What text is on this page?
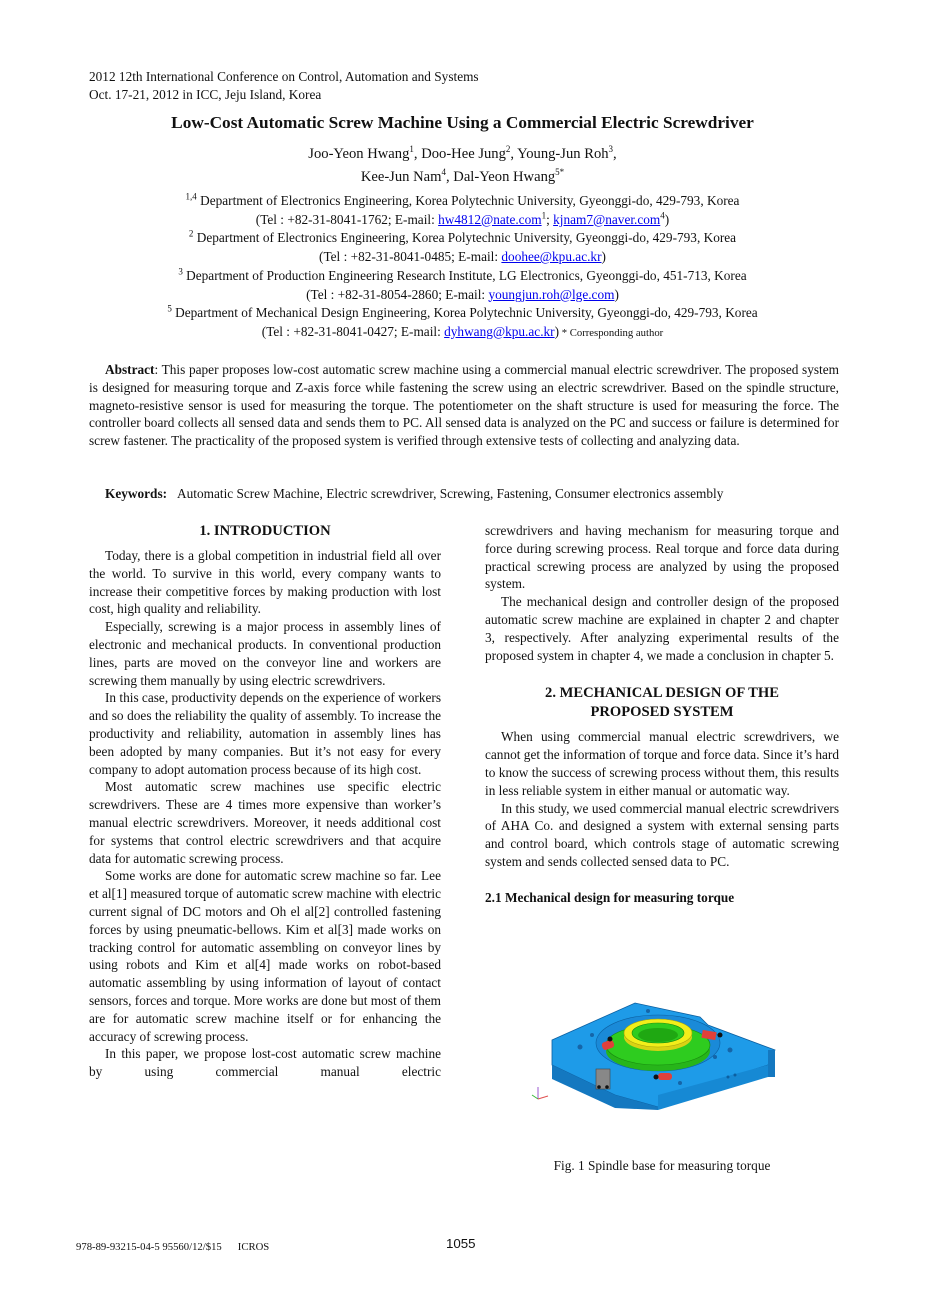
2012 12th International Conference on Control, Automation and Systems
Oct. 17-21, 2012 in ICC, Jeju Island, Korea
Low-Cost Automatic Screw Machine Using a Commercial Electric Screwdriver
Joo-Yeon Hwang$^1$, Doo-Hee Jung$^2$, Young-Jun Roh$^3$,
Kee-Jun Nam$^4$, Dal-Yeon Hwang$^{5*}$
$^{1,4}$ Department of Electronics Engineering, Korea Polytechnic University, Gyeonggi-do, 429-793, Korea
(Tel : +82-31-8041-1762; E-mail: hw4812@nate.com$^1$; kjnam7@naver.com$^4$)
$^2$ Department of Electronics Engineering, Korea Polytechnic University, Gyeonggi-do, 429-793, Korea
(Tel : +82-31-8041-0485; E-mail: doohee@kpu.ac.kr)
$^3$ Department of Production Engineering Research Institute, LG Electronics, Gyeonggi-do, 451-713, Korea
(Tel : +82-31-8054-2860; E-mail: youngjun.roh@lge.com)
$^5$ Department of Mechanical Design Engineering, Korea Polytechnic University, Gyeonggi-do, 429-793, Korea
(Tel : +82-31-8041-0427; E-mail: dyhwang@kpu.ac.kr) * Corresponding author
Abstract: This paper proposes low-cost automatic screw machine using a commercial manual electric screwdriver. The proposed system is designed for measuring torque and Z-axis force while fastening the screw using an electric screwdriver. Based on the spindle structure, magneto-resistive sensor is used for measuring the torque. The potentiometer on the shaft structure is used for measuring the force. The controller board collects all sensed data and sends them to PC. All sensed data is analyzed on the PC and success or failure is determined for screw fastener. The practicality of the proposed system is verified through extensive tests of collecting and analyzing data.
Keywords: Automatic Screw Machine, Electric screwdriver, Screwing, Fastening, Consumer electronics assembly
1. INTRODUCTION

Today, there is a global competition in industrial field all over the world. To survive in this world, every company wants to increase their competitive forces by making production with lost cost, high quality and reliability.

Especially, screwing is a major process in assembly lines of electronic and mechanical products. In conventional production lines, parts are moved on the conveyor line and workers are screwing them manually by using electric screwdrivers.

In this case, productivity depends on the experience of workers and so does the reliability the quality of assembly. To increase the productivity and reliability, automation in assembly lines has been adopted by many companies. But it’s not easy for every company to adopt automation process because of its high cost.

Most automatic screw machines use specific electric screwdrivers. These are 4 times more expensive than worker’s manual electric screwdrivers. Moreover, it needs additional cost for systems that control electric screwdrivers and that acquire data for automatic screwing process.

Some works are done for automatic screw machine so far. Lee et al[1] measured torque of automatic screw machine with electric current signal of DC motors and Oh el al[2] controlled fastening forces by using pneumatic-bellows. Kim et al[3] made works on tracking control for automatic assembling on conveyor lines by using robots and Kim et al[4] made works on robot-based automatic assembling by using information of layout of contact sensors, forces and torque. More works are done but most of them are for automatic screw machine itself or for enhancing the accuracy of screwing process.

In this paper, we propose lost-cost automatic screw machine by using commercial manual electric

screwdrivers and having mechanism for measuring torque and force during screwing process. Real torque and force data during practical screwing process are analyzed by using the proposed system.

The mechanical design and controller design of the proposed automatic screw machine are explained in chapter 2 and chapter 3, respectively. After analyzing experimental results of the proposed system in chapter 4, we made a conclusion in chapter 5.

2. MECHANICAL DESIGN OF THE
PROPOSED SYSTEM

When using commercial manual electric screwdrivers, we cannot get the information of torque and force data. Since it’s hard to know the success of screwing process without them, this results in less reliable system in either manual or automatic way.

In this study, we used commercial manual electric screwdrivers of AHA Co. and designed a system with external sensing parts and control board, which controls stage of automatic screwing system and sends collected sensed data to PC.

2.1 Mechanical design for measuring torque
Fig. 1 Spindle base for measuring torque
978-89-93215-04-5 95560/12/$15 ICROS	1055
